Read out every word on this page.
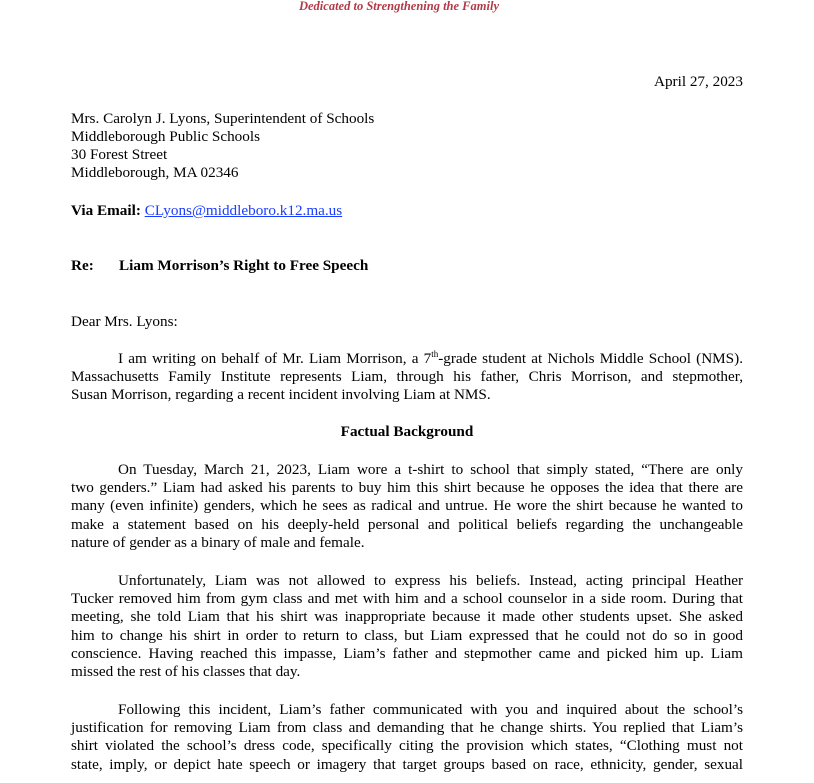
Dedicated to Strengthening the Family
April 27, 2023
Mrs. Carolyn J. Lyons, Superintendent of Schools
Middleborough Public Schools
30 Forest Street
Middleborough, MA 02346
Via Email: CLyons@middleboro.k12.ma.us
Re: Liam Morrison’s Right to Free Speech
Dear Mrs. Lyons:
I am writing on behalf of Mr. Liam Morrison, a 7th-grade student at Nichols Middle School (NMS).
Massachusetts Family Institute represents Liam, through his father, Chris Morrison, and stepmother,
Susan Morrison, regarding a recent incident involving Liam at NMS.
Factual Background
On Tuesday, March 21, 2023, Liam wore a t-shirt to school that simply stated, “There are only
two genders.” Liam had asked his parents to buy him this shirt because he opposes the idea that there are
many (even infinite) genders, which he sees as radical and untrue. He wore the shirt because he wanted to
make a statement based on his deeply-held personal and political beliefs regarding the unchangeable
nature of gender as a binary of male and female.
Unfortunately, Liam was not allowed to express his beliefs. Instead, acting principal Heather
Tucker removed him from gym class and met with him and a school counselor in a side room. During that
meeting, she told Liam that his shirt was inappropriate because it made other students upset. She asked
him to change his shirt in order to return to class, but Liam expressed that he could not do so in good
conscience. Having reached this impasse, Liam’s father and stepmother came and picked him up. Liam
missed the rest of his classes that day.
Following this incident, Liam’s father communicated with you and inquired about the school’s
justification for removing Liam from class and demanding that he change shirts. You replied that Liam’s
shirt violated the school’s dress code, specifically citing the provision which states, “Clothing must not
state, imply, or depict hate speech or imagery that target groups based on race, ethnicity, gender, sexual
